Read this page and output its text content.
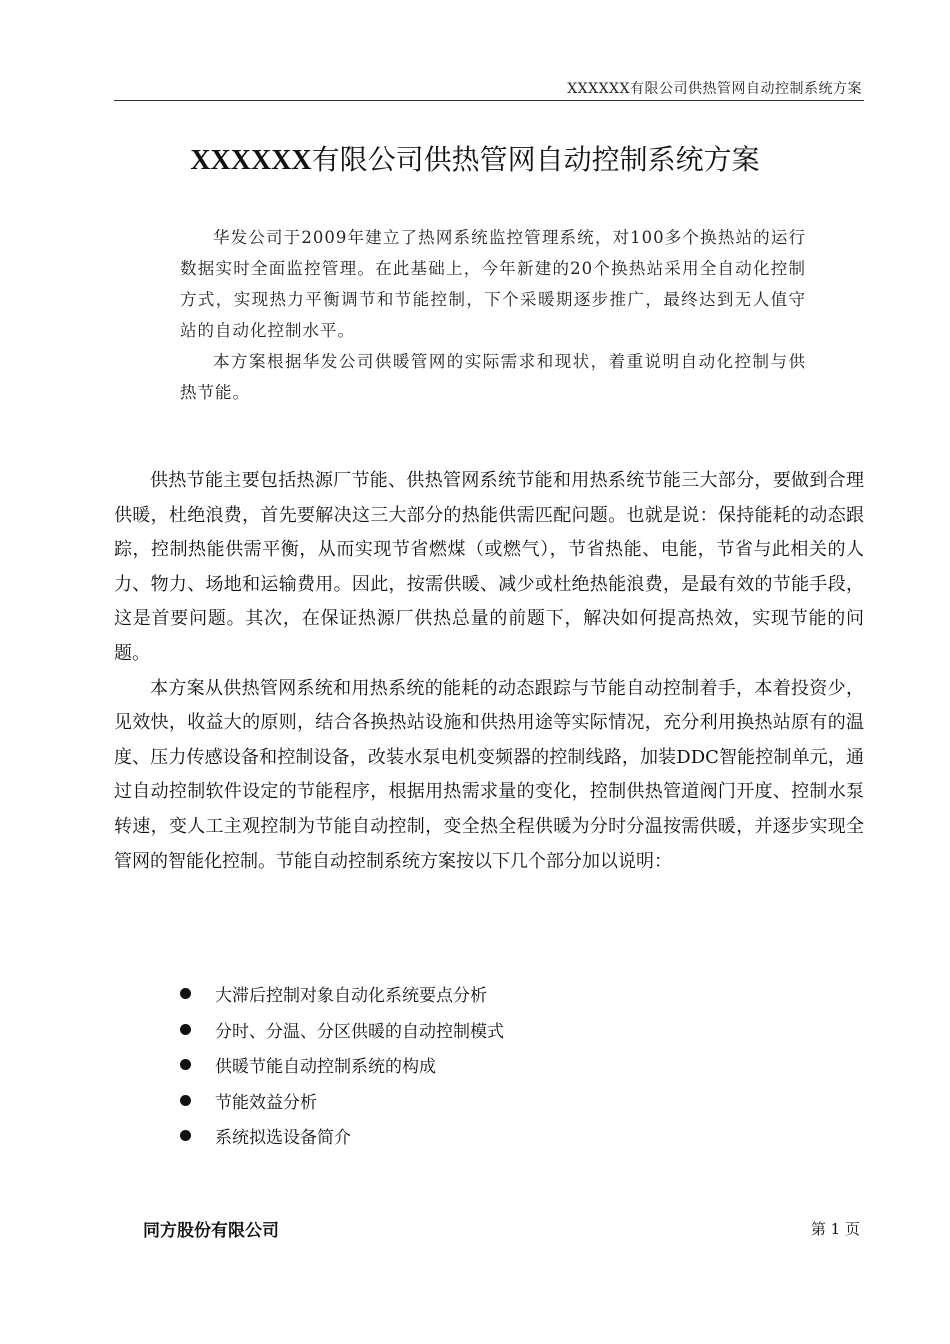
XXXXXX有限公司供热管网自动控制系统方案
XXXXXX有限公司供热管网自动控制系统方案

华发公司于2009年建立了热网系统监控管理系统，对100多个换热站的运行数据实时全面监控管理。在此基础上，今年新建的20个换热站采用全自动化控制方式，实现热力平衡调节和节能控制，下个采暖期逐步推广，最终达到无人值守站的自动化控制水平。

本方案根据华发公司供暖管网的实际需求和现状，着重说明自动化控制与供热节能。

供热节能主要包括热源厂节能、供热管网系统节能和用热系统节能三大部分，要做到合理供暖，杜绝浪费，首先要解决这三大部分的热能供需匹配问题。也就是说：保持能耗的动态跟踪，控制热能供需平衡，从而实现节省燃煤（或燃气），节省热能、电能，节省与此相关的人力、物力、场地和运输费用。因此，按需供暖、减少或杜绝热能浪费，是最有效的节能手段，这是首要问题。其次，在保证热源厂供热总量的前题下，解决如何提高热效，实现节能的问题。

本方案从供热管网系统和用热系统的能耗的动态跟踪与节能自动控制着手，本着投资少，见效快，收益大的原则，结合各换热站设施和供热用途等实际情况，充分利用换热站原有的温度、压力传感设备和控制设备，改装水泵电机变频器的控制线路，加装DDC智能控制单元，通过自动控制软件设定的节能程序，根据用热需求量的变化，控制供热管道阀门开度、控制水泵转速，变人工主观控制为节能自动控制，变全热全程供暖为分时分温按需供暖，并逐步实现全管网的智能化控制。节能自动控制系统方案按以下几个部分加以说明：

大滞后控制对象自动化系统要点分析
分时、分温、分区供暖的自动控制模式
供暖节能自动控制系统的构成
节能效益分析
系统拟选设备简介
同方股份有限公司	第 1 页
